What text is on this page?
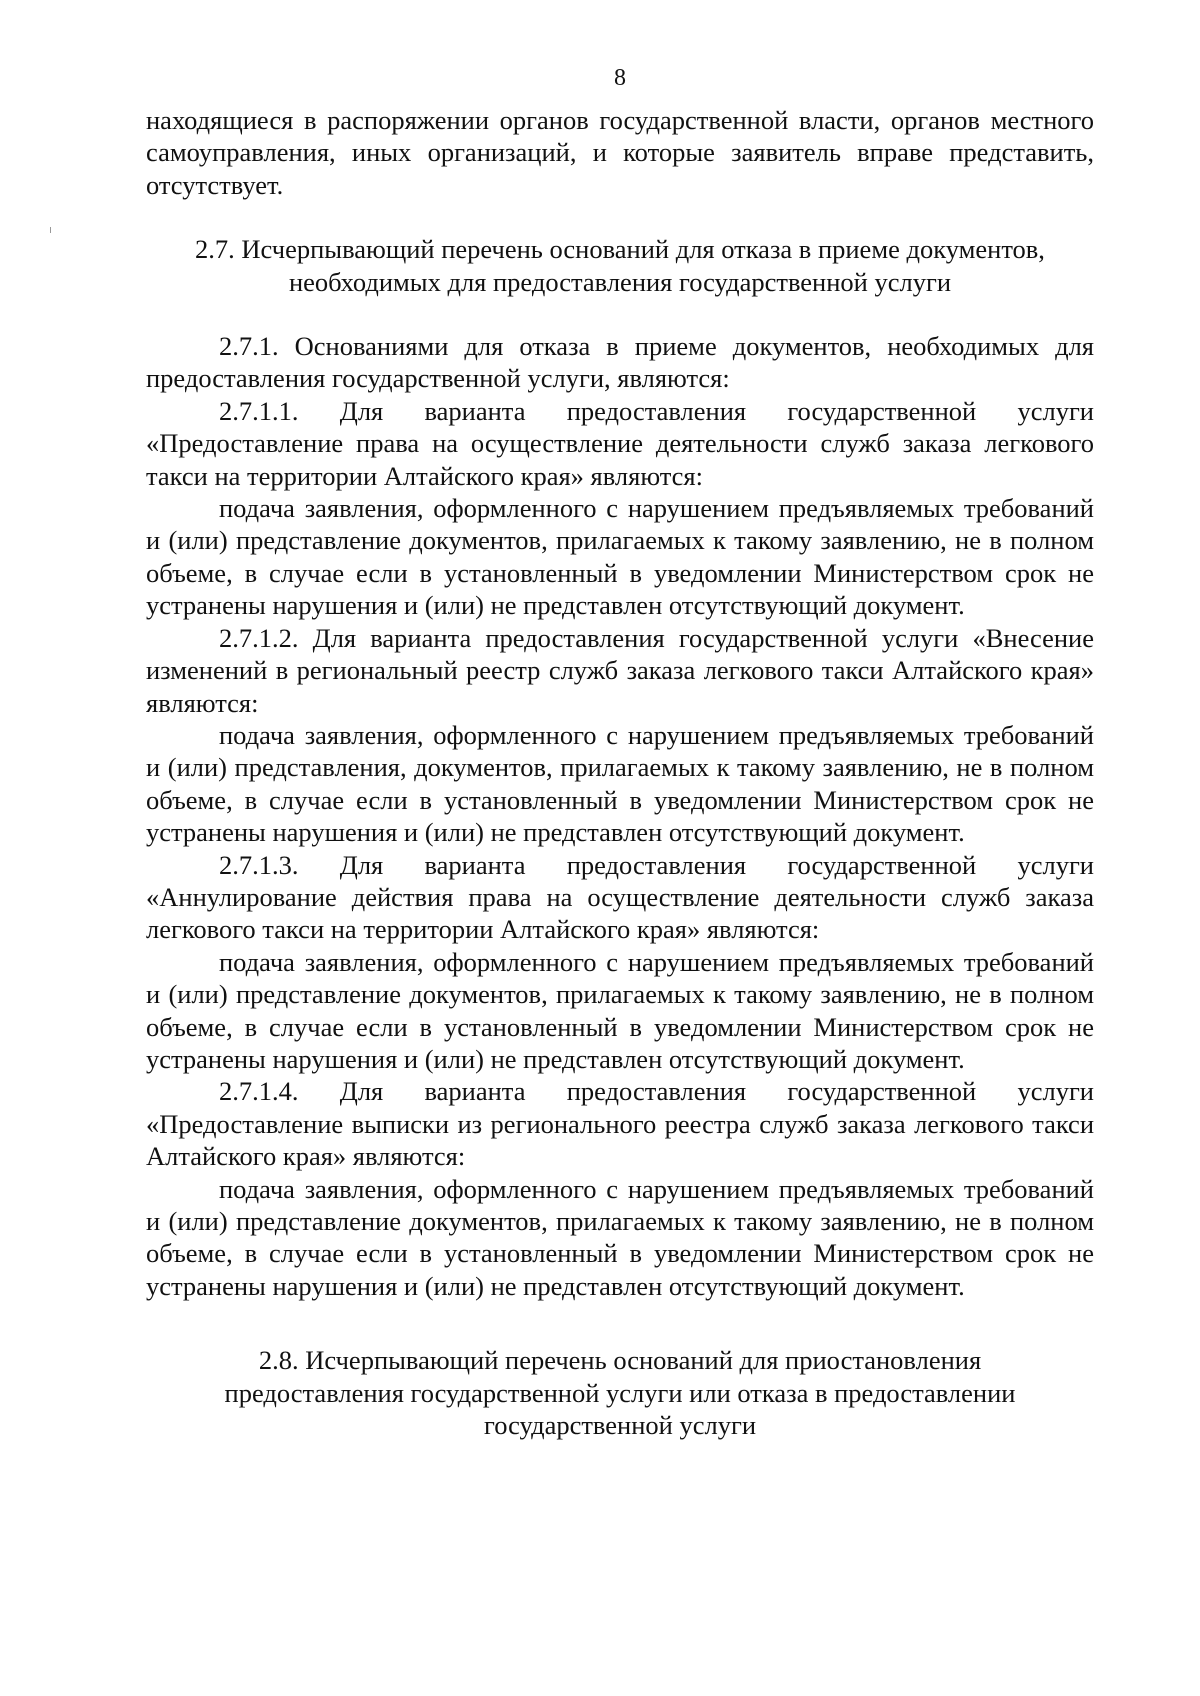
8

находящиеся в распоряжении органов государственной власти, органов местного самоуправления, иных организаций, и которые заявитель вправе представить, отсутствует.

2.7. Исчерпывающий перечень оснований для отказа в приеме документов,
необходимых для предоставления государственной услуги

2.7.1. Основаниями для отказа в приеме документов, необходимых для предоставления государственной услуги, являются:

2.7.1.1. Для варианта предоставления государственной услуги «Предоставление права на осуществление деятельности служб заказа легкового такси на территории Алтайского края» являются:

подача заявления, оформленного с нарушением предъявляемых требований и (или) представление документов, прилагаемых к такому заявлению, не в полном объеме, в случае если в установленный в уведомлении Министерством срок не устранены нарушения и (или) не представлен отсутствующий документ.

2.7.1.2. Для варианта предоставления государственной услуги «Внесение изменений в региональный реестр служб заказа легкового такси Алтайского края» являются:

подача заявления, оформленного с нарушением предъявляемых требований и (или) представления, документов, прилагаемых к такому заявлению, не в полном объеме, в случае если в установленный в уведомлении Министерством срок не устранены нарушения и (или) не представлен отсутствующий документ.

2.7.1.3. Для варианта предоставления государственной услуги «Аннулирование действия права на осуществление деятельности служб заказа легкового такси на территории Алтайского края» являются:

подача заявления, оформленного с нарушением предъявляемых требований и (или) представление документов, прилагаемых к такому заявлению, не в полном объеме, в случае если в установленный в уведомлении Министерством срок не устранены нарушения и (или) не представлен отсутствующий документ.

2.7.1.4. Для варианта предоставления государственной услуги «Предоставление выписки из регионального реестра служб заказа легкового такси Алтайского края» являются:

подача заявления, оформленного с нарушением предъявляемых требований и (или) представление документов, прилагаемых к такому заявлению, не в полном объеме, в случае если в установленный в уведомлении Министерством срок не устранены нарушения и (или) не представлен отсутствующий документ.

2.8. Исчерпывающий перечень оснований для приостановления
предоставления государственной услуги или отказа в предоставлении
государственной услуги
